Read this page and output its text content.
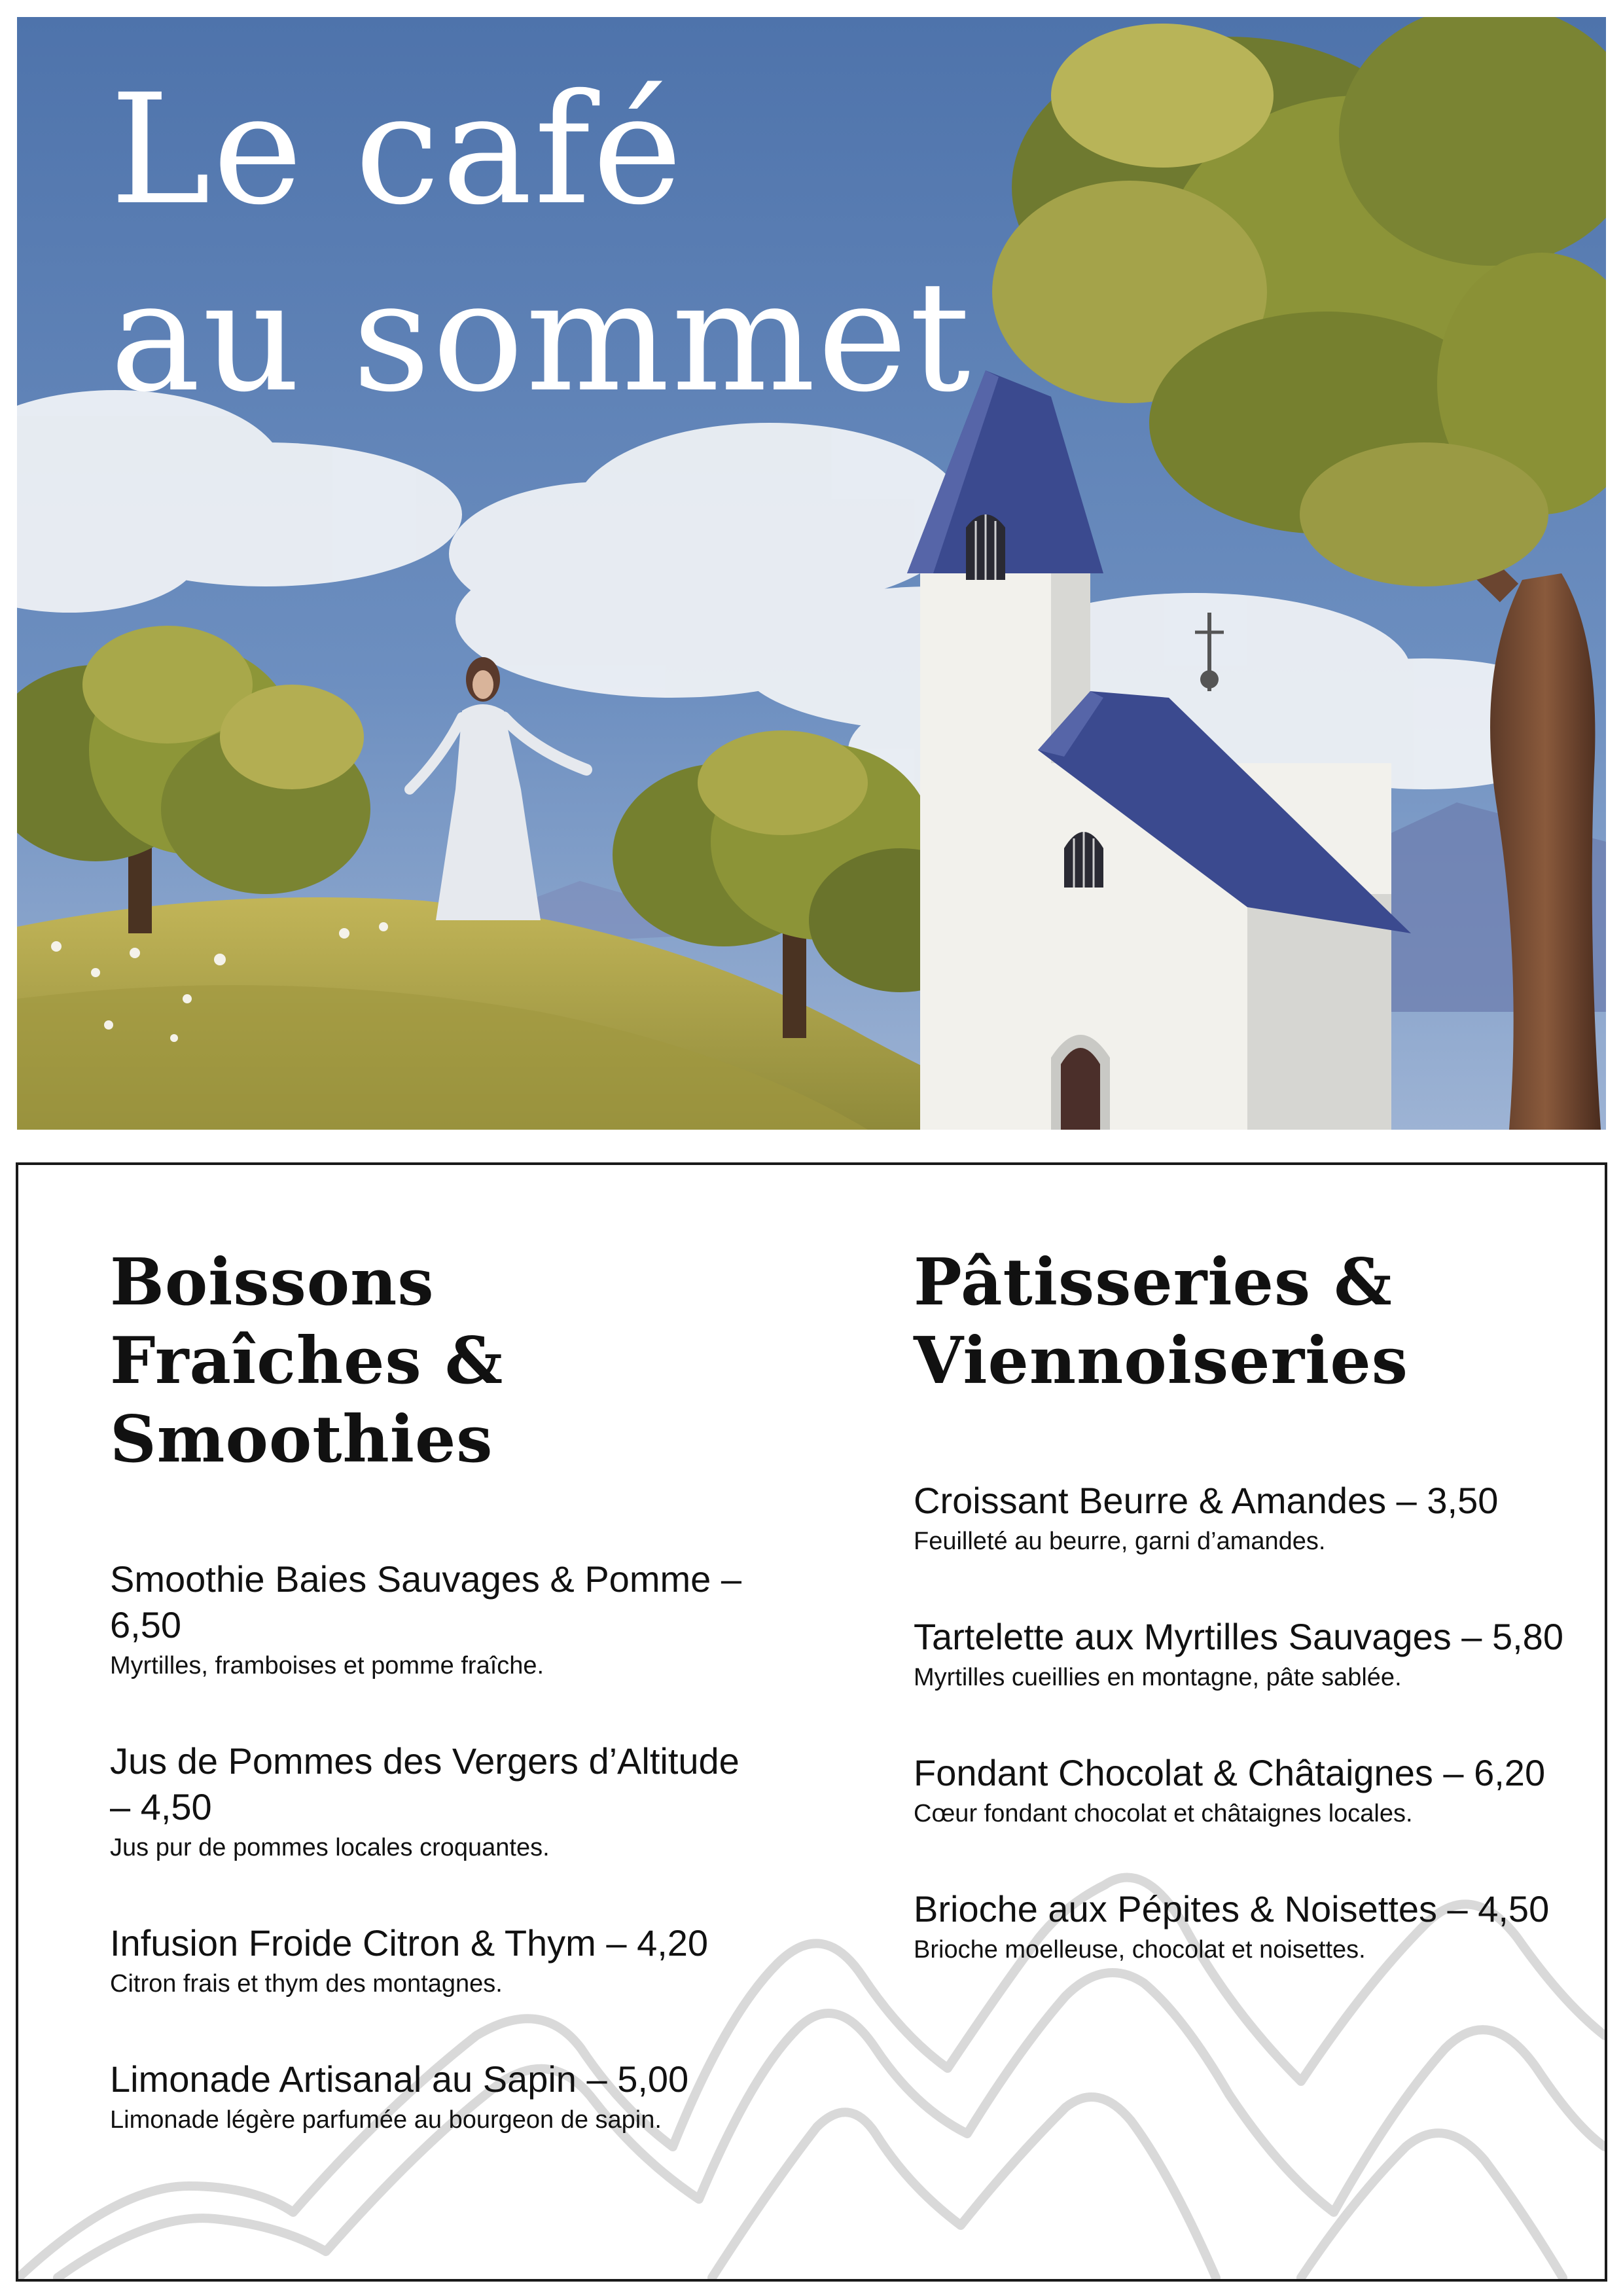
Le café
au sommet
Boissons Fraîches &
Smoothies
Smoothie Baies Sauvages & Pomme – 6,50
Myrtilles, framboises et pomme fraîche.
Jus de Pommes des Vergers d’Altitude – 4,50
Jus pur de pommes locales croquantes.
Infusion Froide Citron & Thym – 4,20
Citron frais et thym des montagnes.
Limonade Artisanal au Sapin – 5,00
Limonade légère parfumée au bourgeon de sapin.
Pâtisseries &
Viennoiseries
Croissant Beurre & Amandes – 3,50
Feuilleté au beurre, garni d’amandes.
Tartelette aux Myrtilles Sauvages – 5,80
Myrtilles cueillies en montagne, pâte sablée.
Fondant Chocolat & Châtaignes – 6,20
Cœur fondant chocolat et châtaignes locales.
Brioche aux Pépites & Noisettes – 4,50
Brioche moelleuse, chocolat et noisettes.
